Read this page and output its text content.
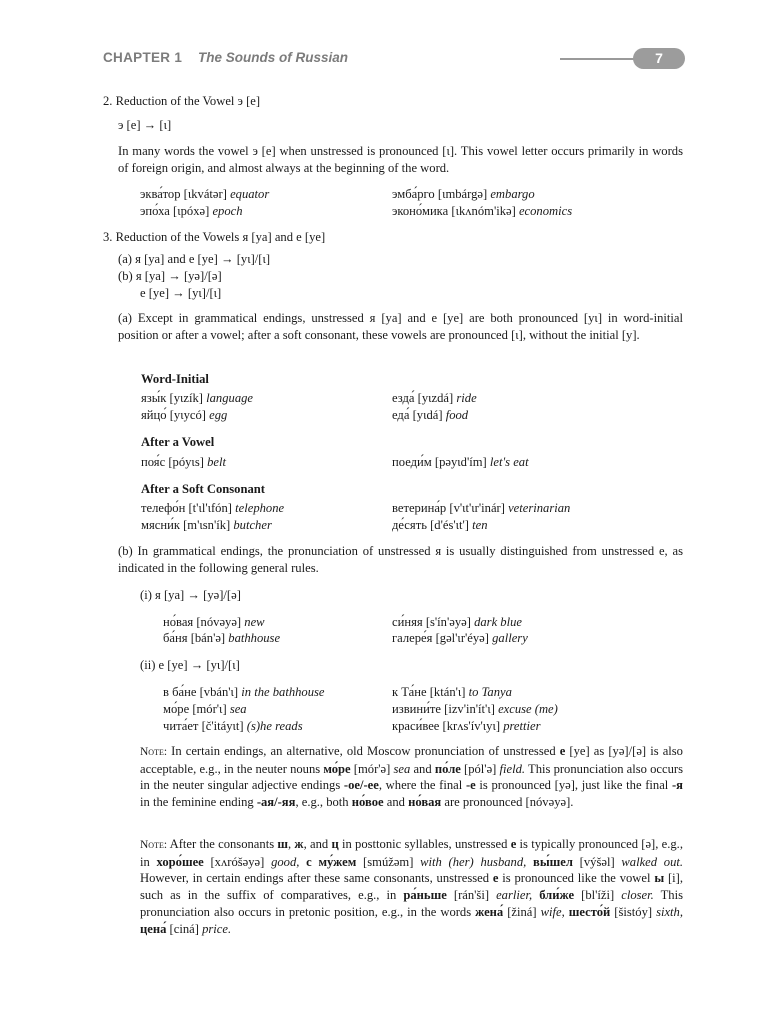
CHAPTER 1 The Sounds of Russian	7
2. Reduction of the Vowel э [e]
э [e] → [ɩ]
In many words the vowel э [e] when unstressed is pronounced [ɩ]. This vowel letter occurs primarily in words of foreign origin, and almost always at the beginning of the word.
эква́тор [ɩkvátər] equator	эмба́рго [ɩmbárgə] embargo
эпо́ха [ɩpóxə] epoch	эконо́мика [ɩkʌnóm'ikə] economics
3. Reduction of the Vowels я [ya] and е [ye]
(a) я [ya] and е [ye] → [yɩ]/[ɩ]
(b) я [ya] → [yə]/[ə]
е [ye] → [yɩ]/[ɩ]
(a) Except in grammatical endings, unstressed я [ya] and е [ye] are both pronounced [yɩ] in word-initial position or after a vowel; after a soft consonant, these vowels are pronounced [ɩ], without the initial [y].
Word-Initial
язы́к [yɩzík] language	езда́ [yɩzdá] ride
яйцо́ [yɩycó] egg	еда́ [yɩdá] food
After a Vowel
поя́с [póyɩs] belt	поеди́м [pəyɩd'ím] let's eat
After a Soft Consonant
телефо́н [t'ɩl'ɩfón] telephone	ветерина́р [v'ɩt'ɩr'inár] veterinarian
мясни́к [m'ɩsn'ík] butcher	де́сять [d'és'ɩt'] ten
(b) In grammatical endings, the pronunciation of unstressed я is usually distinguished from unstressed е, as indicated in the following general rules.
(i) я [ya] → [yə]/[ə]
но́вая [nóvəyə] new	си́няя [s'ín'əyə] dark blue
ба́ня [bán'ə] bathhouse	галере́я [gəl'ɩr'éyə] gallery
(ii) е [ye] → [yɩ]/[ɩ]
в ба́не [vbán'ɩ] in the bathhouse	к Та́не [ktán'ɩ] to Tanya
мо́ре [mór'ɩ] sea	извини́те [izv'in'ít'ɩ] excuse (me)
чита́ет [č'itáyɩt] (s)he reads	краси́вее [krʌs'ív'ɩyɩ] prettier
Note: In certain endings, an alternative, old Moscow pronunciation of unstressed е [ye] as [yə]/[ə] is also acceptable, e.g., in the neuter nouns мо́ре [mór'ə] sea and по́ле [pól'ə] field. This pronunciation also occurs in the neuter singular adjective endings -ое/-ее, where the final -е is pronounced [yə], just like the final -я in the feminine ending -ая/-яя, e.g., both но́вое and но́вая are pronounced [nóvəyə].
Note: After the consonants ш, ж, and ц in posttonic syllables, unstressed е is typically pronounced [ə], e.g., in хоро́шее [xʌróšəyə] good, с му́жем [smúžəm] with (her) husband, вы́шел [výšəl] walked out. However, in certain endings after these same consonants, unstressed е is pronounced like the vowel ы [i], such as in the suffix of comparatives, e.g., in ра́ньше [rán'ši] earlier, бли́же [bl'íži] closer. This pronunciation also occurs in pretonic position, e.g., in the words жена́ [žiná] wife, шесто́й [šistóy] sixth, цена́ [ciná] price.
